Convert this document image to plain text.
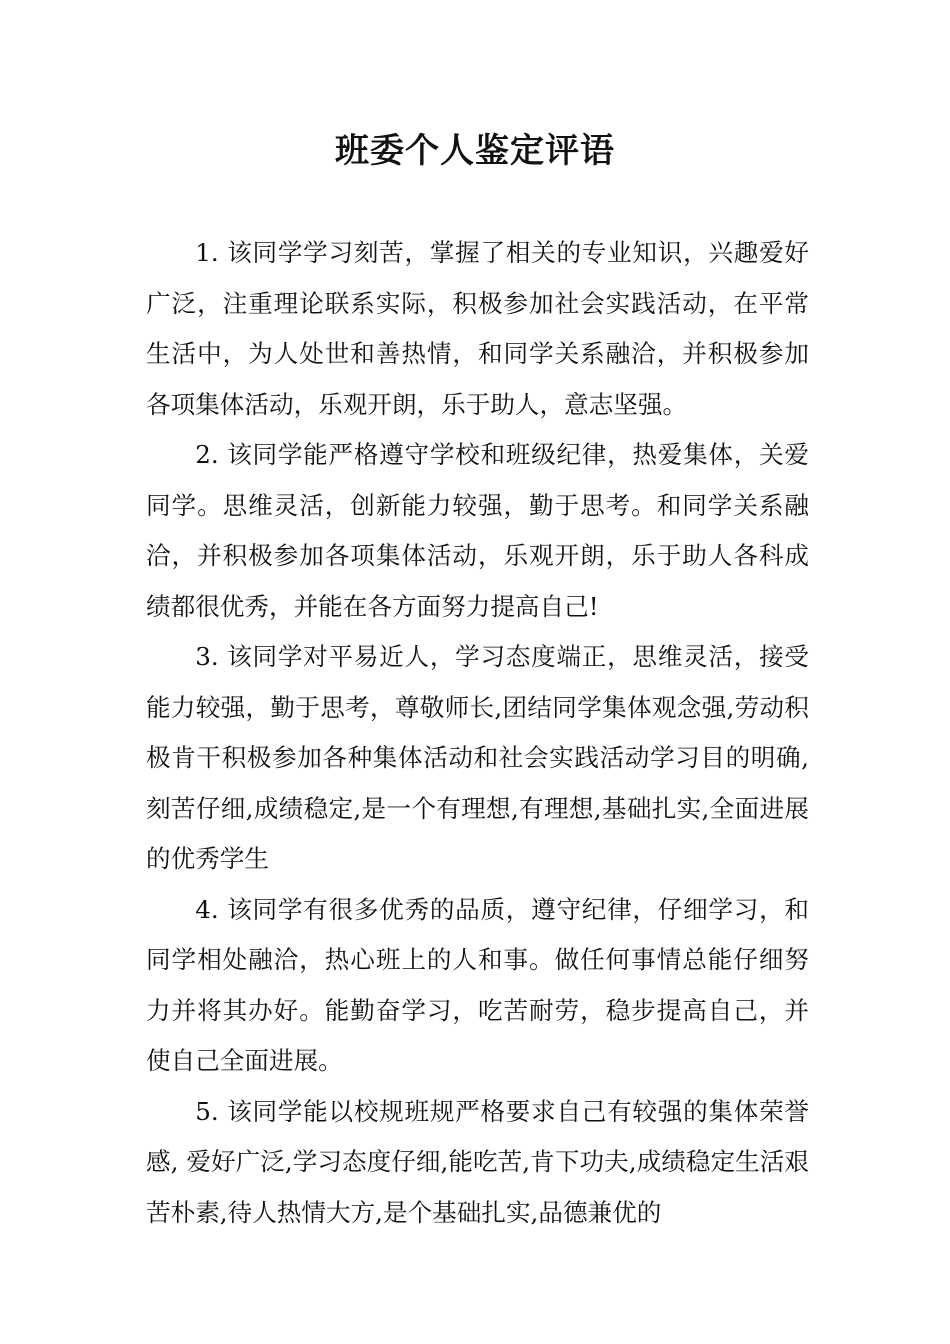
班委个人鉴定评语

1. 该同学学习刻苦，掌握了相关的专业知识，兴趣爱好广泛，注重理论联系实际，积极参加社会实践活动，在平常生活中，为人处世和善热情，和同学关系融洽，并积极参加各项集体活动，乐观开朗，乐于助人，意志坚强。

2. 该同学能严格遵守学校和班级纪律，热爱集体，关爱同学。思维灵活，创新能力较强，勤于思考。和同学关系融洽，并积极参加各项集体活动，乐观开朗，乐于助人各科成绩都很优秀，并能在各方面努力提高自己!

3. 该同学对平易近人，学习态度端正，思维灵活，接受能力较强，勤于思考，尊敬师长,团结同学集体观念强,劳动积极肯干积极参加各种集体活动和社会实践活动学习目的明确,刻苦仔细,成绩稳定,是一个有理想,有理想,基础扎实,全面进展的优秀学生

4. 该同学有很多优秀的品质，遵守纪律，仔细学习，和同学相处融洽，热心班上的人和事。做任何事情总能仔细努力并将其办好。能勤奋学习，吃苦耐劳，稳步提高自己，并使自己全面进展。

5. 该同学能以校规班规严格要求自己有较强的集体荣誉感, 爱好广泛,学习态度仔细,能吃苦,肯下功夫,成绩稳定生活艰苦朴素,待人热情大方,是个基础扎实,品德兼优的
